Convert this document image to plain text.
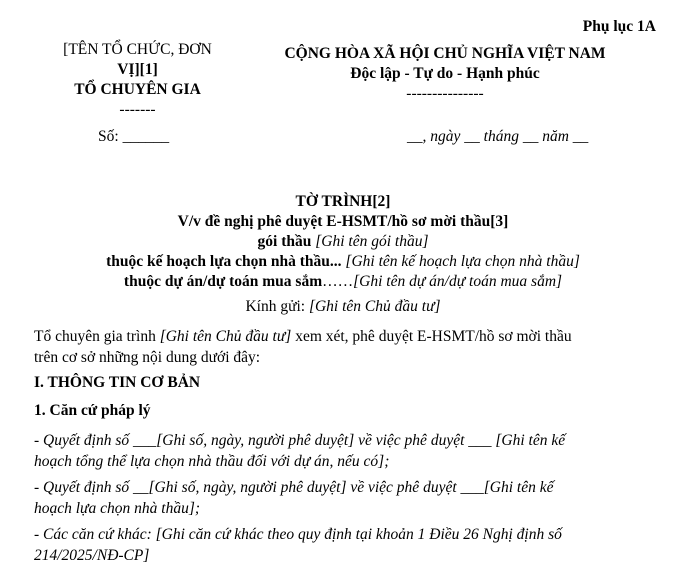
Phụ lục 1A
[TÊN TỔ CHỨC, ĐƠN
VỊ][1]
TỔ CHUYÊN GIA
-------
CỘNG HÒA XÃ HỘI CHỦ NGHĨA VIỆT NAM
Độc lập - Tự do - Hạnh phúc
---------------
Số: ______	__, ngày __ tháng __ năm __
TỜ TRÌNH[2]
V/v đề nghị phê duyệt E-HSMT/hồ sơ mời thầu[3]
gói thầu [Ghi tên gói thầu]
thuộc kế hoạch lựa chọn nhà thầu... [Ghi tên kế hoạch lựa chọn nhà thầu]
thuộc dự án/dự toán mua sắm……[Ghi tên dự án/dự toán mua sắm]
Kính gửi: [Ghi tên Chủ đầu tư]
Tổ chuyên gia trình [Ghi tên Chủ đầu tư] xem xét, phê duyệt E-HSMT/hồ sơ mời thầu
trên cơ sở những nội dung dưới đây:
I. THÔNG TIN CƠ BẢN
1. Căn cứ pháp lý
- Quyết định số ___[Ghi số, ngày, người phê duyệt] về việc phê duyệt ___ [Ghi tên kế
hoạch tổng thể lựa chọn nhà thầu đối với dự án, nếu có];
- Quyết định số __[Ghi số, ngày, người phê duyệt] về việc phê duyệt ___[Ghi tên kế
hoạch lựa chọn nhà thầu];
- Các căn cứ khác: [Ghi căn cứ khác theo quy định tại khoản 1 Điều 26 Nghị định số
214/2025/NĐ-CP]
